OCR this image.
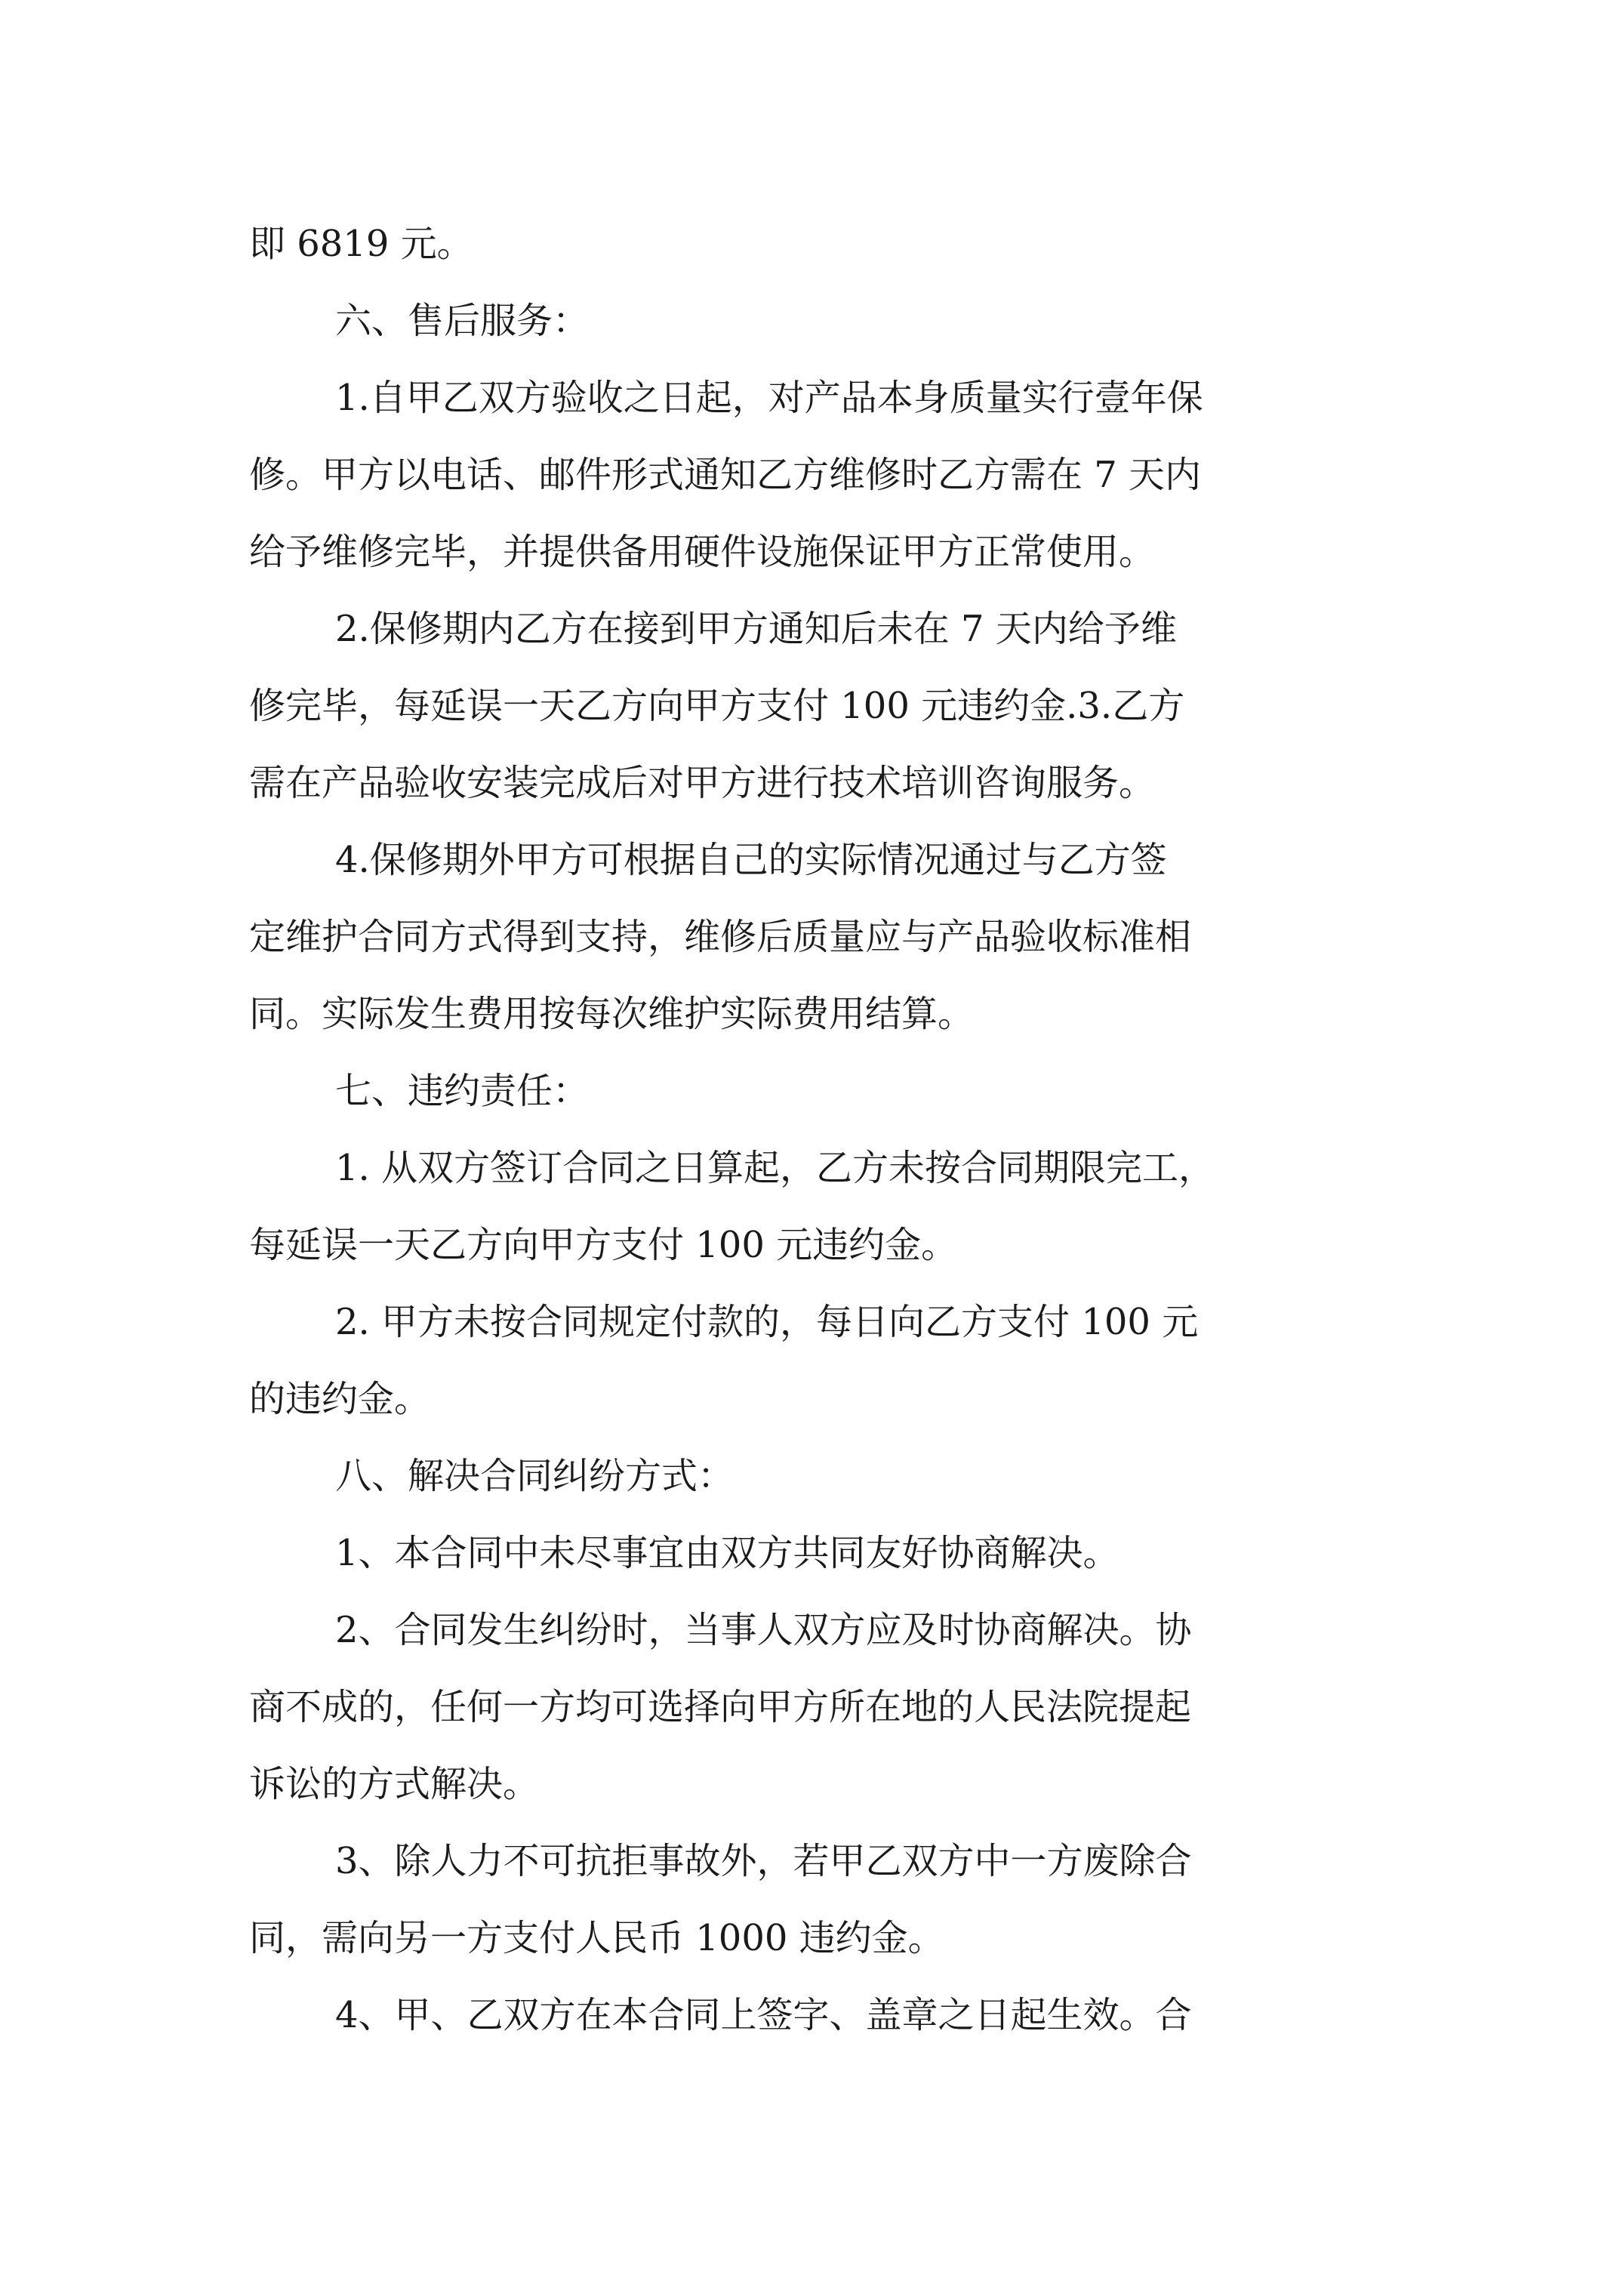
即 6819 元。
六、售后服务：
1.自甲乙双方验收之日起，对产品本身质量实行壹年保
修。甲方以电话、邮件形式通知乙方维修时乙方需在 7 天内
给予维修完毕，并提供备用硬件设施保证甲方正常使用。
2.保修期内乙方在接到甲方通知后未在 7 天内给予维
修完毕，每延误一天乙方向甲方支付 100 元违约金.3.乙方
需在产品验收安装完成后对甲方进行技术培训咨询服务。
4.保修期外甲方可根据自己的实际情况通过与乙方签
定维护合同方式得到支持，维修后质量应与产品验收标准相
同。实际发生费用按每次维护实际费用结算。
七、违约责任：
1. 从双方签订合同之日算起，乙方未按合同期限完工，
每延误一天乙方向甲方支付 100 元违约金。
2. 甲方未按合同规定付款的，每日向乙方支付 100 元
的违约金。
八、解决合同纠纷方式：
1、本合同中未尽事宜由双方共同友好协商解决。
2、合同发生纠纷时，当事人双方应及时协商解决。协
商不成的，任何一方均可选择向甲方所在地的人民法院提起
诉讼的方式解决。
3、除人力不可抗拒事故外，若甲乙双方中一方废除合
同，需向另一方支付人民币 1000 违约金。
4、甲、乙双方在本合同上签字、盖章之日起生效。合
